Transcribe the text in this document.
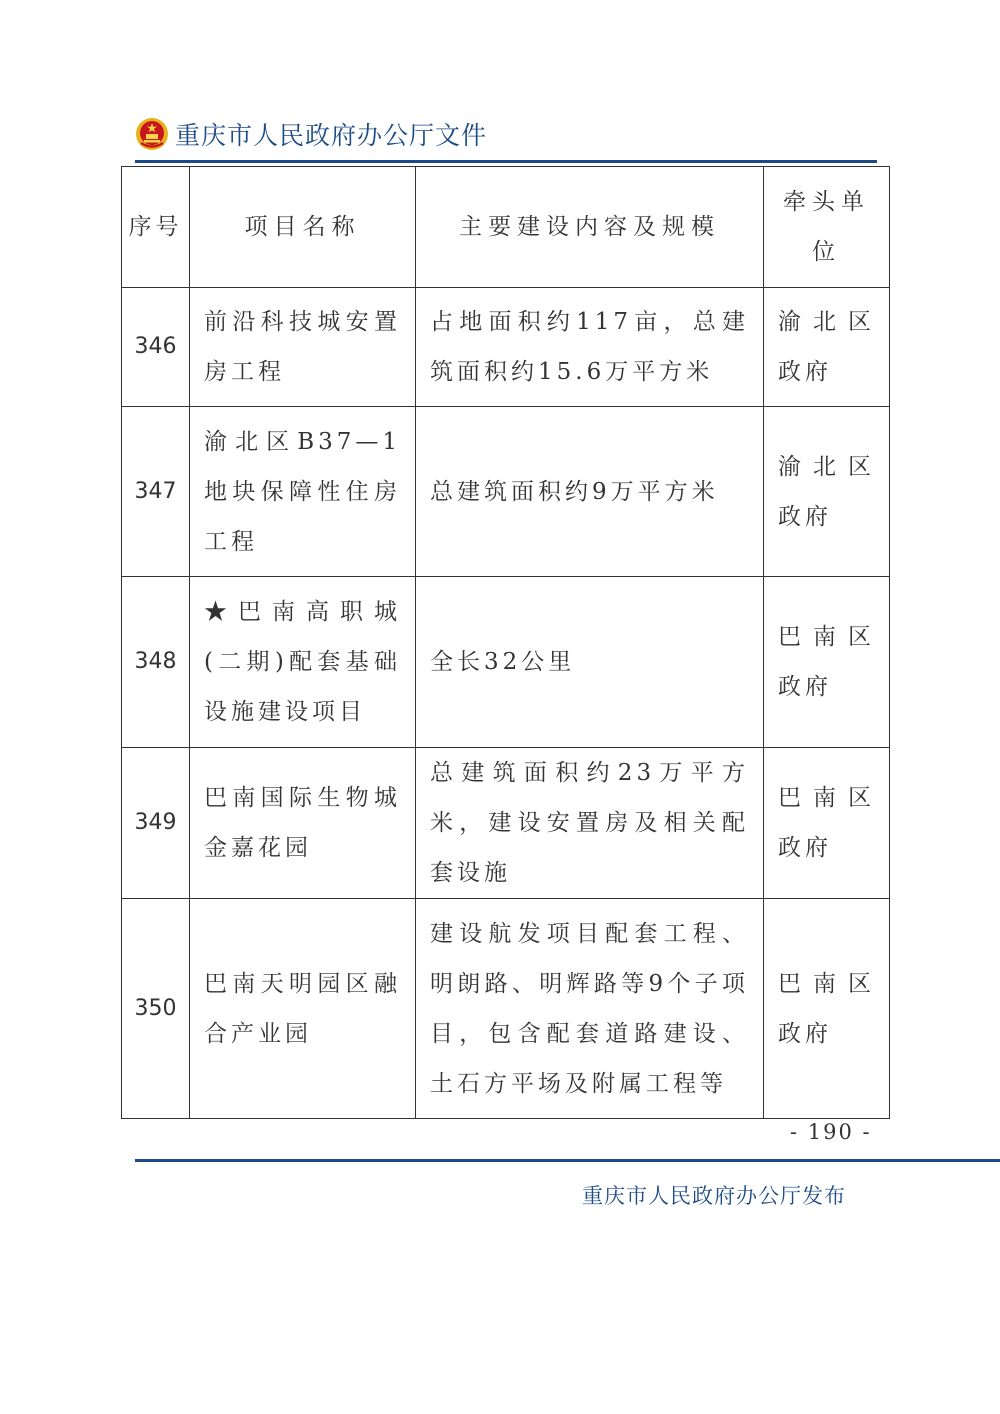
重庆市人民政府办公厅文件
序号	项目名称	主要建设内容及规模	牵头单位
346	前沿科技城安置房工程	占地面积约117亩，总建筑面积约15.6万平方米	渝北区政府
347	渝北区B37—1地块保障性住房工程	总建筑面积约9万平方米	渝北区政府
348	★巴南高职城(二期)配套基础设施建设项目	全长32公里	巴南区政府
349	巴南国际生物城金嘉花园	总建筑面积约23万平方米，建设安置房及相关配套设施	巴南区政府
350	巴南天明园区融合产业园	建设航发项目配套工程、明朗路、明辉路等9个子项目，包含配套道路建设、土石方平场及附属工程等	巴南区政府
- 190 -
重庆市人民政府办公厅发布
